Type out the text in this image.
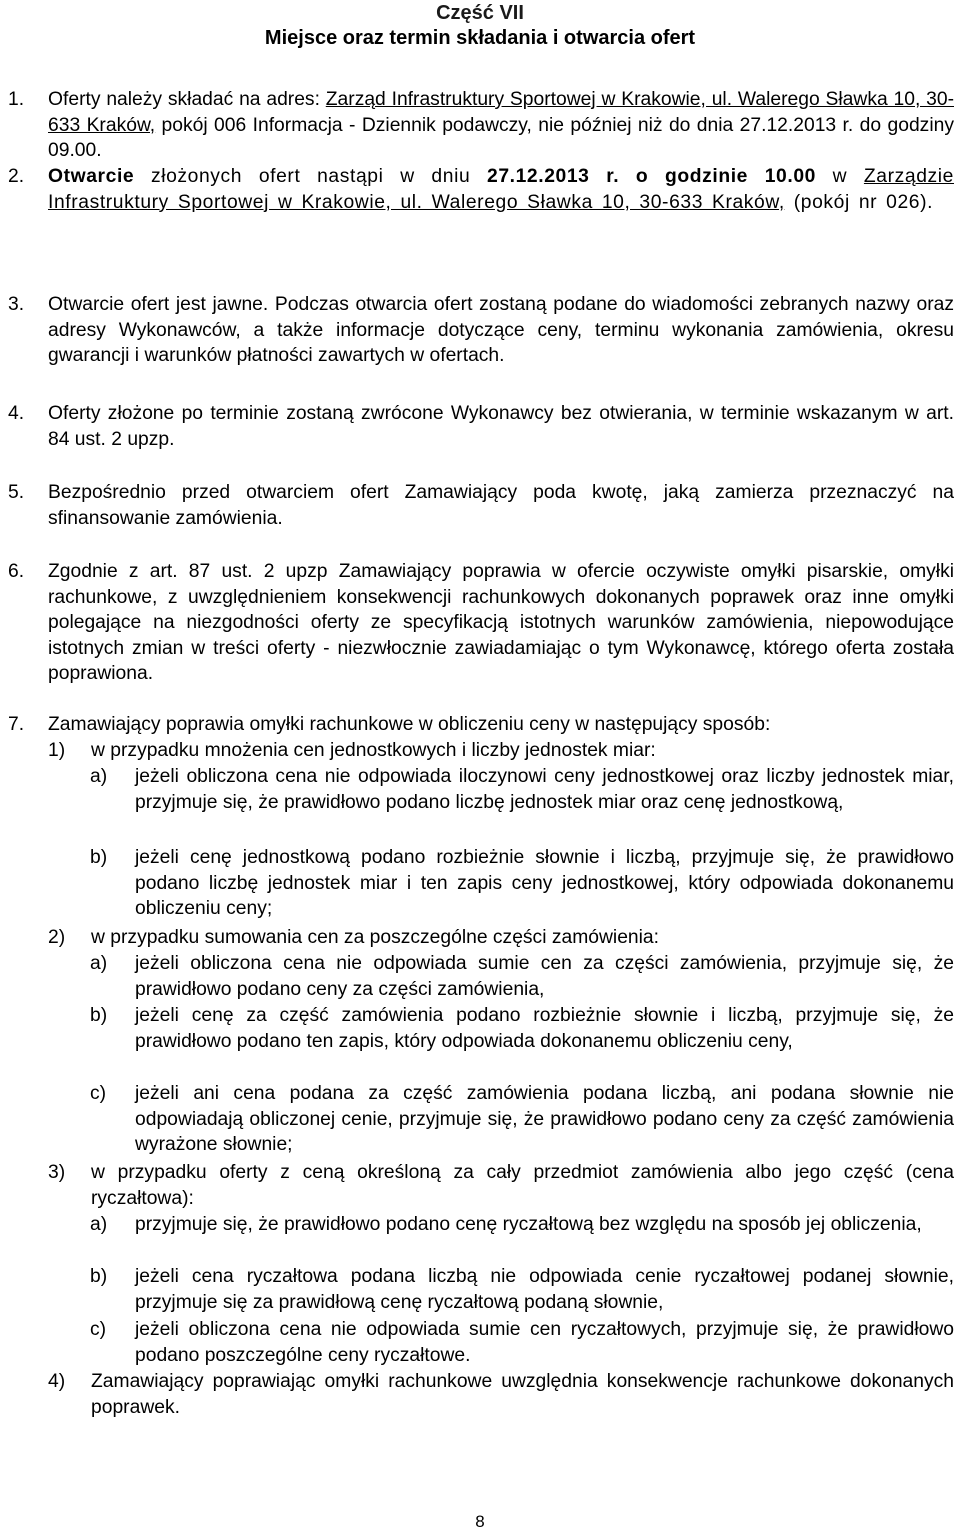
Część VII
Miejsce oraz termin składania i otwarcia ofert
1. Oferty należy składać na adres: Zarząd Infrastruktury Sportowej w Krakowie, ul. Walerego Sławka 10, 30-633 Kraków, pokój 006 Informacja - Dziennik podawczy, nie później niż do dnia 27.12.2013 r. do godziny 09.00.
2. Otwarcie złożonych ofert nastąpi w dniu 27.12.2013 r. o godzinie 10.00 w Zarządzie Infrastruktury Sportowej w Krakowie, ul. Walerego Sławka 10, 30-633 Kraków, (pokój nr 026).
3. Otwarcie ofert jest jawne. Podczas otwarcia ofert zostaną podane do wiadomości zebranych nazwy oraz adresy Wykonawców, a także informacje dotyczące ceny, terminu wykonania zamówienia, okresu gwarancji i warunków płatności zawartych w ofertach.
4. Oferty złożone po terminie zostaną zwrócone Wykonawcy bez otwierania, w terminie wskazanym w art. 84 ust. 2 upzp.
5. Bezpośrednio przed otwarciem ofert Zamawiający poda kwotę, jaką zamierza przeznaczyć na sfinansowanie zamówienia.
6. Zgodnie z art. 87 ust. 2 upzp Zamawiający poprawia w ofercie oczywiste omyłki pisarskie, omyłki rachunkowe, z uwzględnieniem konsekwencji rachunkowych dokonanych poprawek oraz inne omyłki polegające na niezgodności oferty ze specyfikacją istotnych warunków zamówienia, niepowodujące istotnych zmian w treści oferty - niezwłocznie zawiadamiając o tym Wykonawcę, którego oferta została poprawiona.
7. Zamawiający poprawia omyłki rachunkowe w obliczeniu ceny w następujący sposób:
1) w przypadku mnożenia cen jednostkowych i liczby jednostek miar:
a) jeżeli obliczona cena nie odpowiada iloczynowi ceny jednostkowej oraz liczby jednostek miar, przyjmuje się, że prawidłowo podano liczbę jednostek miar oraz cenę jednostkową,
b) jeżeli cenę jednostkową podano rozbieżnie słownie i liczbą, przyjmuje się, że prawidłowo podano liczbę jednostek miar i ten zapis ceny jednostkowej, który odpowiada dokonanemu obliczeniu ceny;
2) w przypadku sumowania cen za poszczególne części zamówienia:
a) jeżeli obliczona cena nie odpowiada sumie cen za części zamówienia, przyjmuje się, że prawidłowo podano ceny za części zamówienia,
b) jeżeli cenę za część zamówienia podano rozbieżnie słownie i liczbą, przyjmuje się, że prawidłowo podano ten zapis, który odpowiada dokonanemu obliczeniu ceny,
c) jeżeli ani cena podana za część zamówienia podana liczbą, ani podana słownie nie odpowiadają obliczonej cenie, przyjmuje się, że prawidłowo podano ceny za część zamówienia wyrażone słownie;
3) w przypadku oferty z ceną określoną za cały przedmiot zamówienia albo jego część (cena ryczałtowa):
a) przyjmuje się, że prawidłowo podano cenę ryczałtową bez względu na sposób jej obliczenia,
b) jeżeli cena ryczałtowa podana liczbą nie odpowiada cenie ryczałtowej podanej słownie, przyjmuje się za prawidłową cenę ryczałtową podaną słownie,
c) jeżeli obliczona cena nie odpowiada sumie cen ryczałtowych, przyjmuje się, że prawidłowo podano poszczególne ceny ryczałtowe.
4) Zamawiający poprawiając omyłki rachunkowe uwzględnia konsekwencje rachunkowe dokonanych poprawek.
8
